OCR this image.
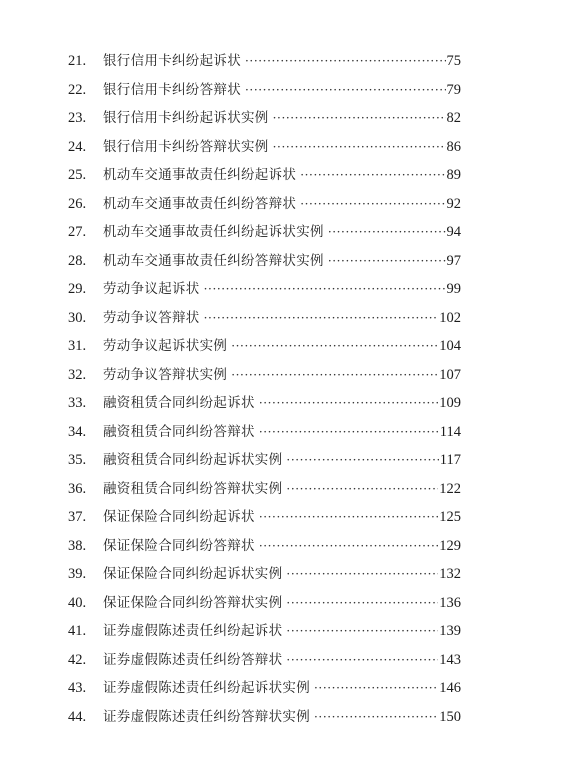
21.	银行信用卡纠纷起诉状 ·····	75
22.	银行信用卡纠纷答辩状 ·····	79
23.	银行信用卡纠纷起诉状实例 ·····	82
24.	银行信用卡纠纷答辩状实例 ·····	86
25.	机动车交通事故责任纠纷起诉状 ·····	89
26.	机动车交通事故责任纠纷答辩状 ·····	92
27.	机动车交通事故责任纠纷起诉状实例 ·····	94
28.	机动车交通事故责任纠纷答辩状实例 ·····	97
29.	劳动争议起诉状 ·····	99
30.	劳动争议答辩状 ·····	102
31.	劳动争议起诉状实例 ·····	104
32.	劳动争议答辩状实例 ·····	107
33.	融资租赁合同纠纷起诉状 ·····	109
34.	融资租赁合同纠纷答辩状 ·····	114
35.	融资租赁合同纠纷起诉状实例 ·····	117
36.	融资租赁合同纠纷答辩状实例 ·····	122
37.	保证保险合同纠纷起诉状 ·····	125
38.	保证保险合同纠纷答辩状 ·····	129
39.	保证保险合同纠纷起诉状实例 ·····	132
40.	保证保险合同纠纷答辩状实例 ·····	136
41.	证券虚假陈述责任纠纷起诉状 ·····	139
42.	证券虚假陈述责任纠纷答辩状 ·····	143
43.	证券虚假陈述责任纠纷起诉状实例 ·····	146
44.	证券虚假陈述责任纠纷答辩状实例 ·····	150
